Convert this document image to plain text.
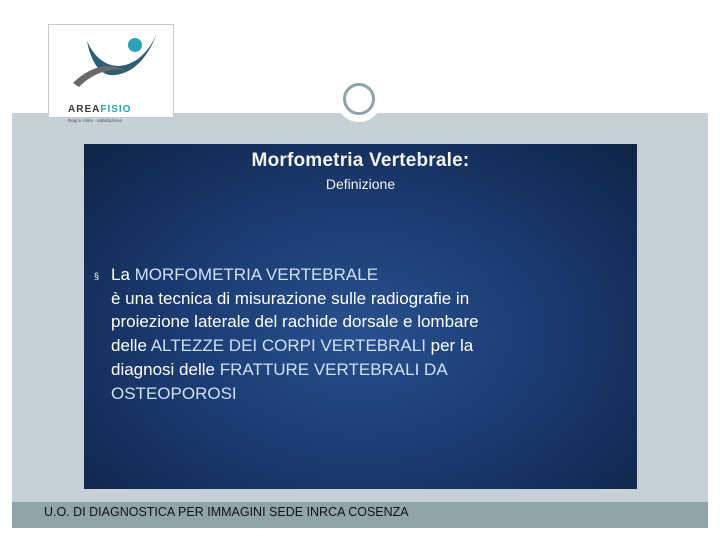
AREAFISIO
Regno Unito · riabilitazione
Morfometria Vertebrale:
Definizione
§ La MORFOMETRIA VERTEBRALE
è una tecnica di misurazione sulle radiografie in
proiezione laterale del rachide dorsale e lombare
delle ALTEZZE DEI CORPI VERTEBRALI per la
diagnosi delle FRATTURE VERTEBRALI DA
OSTEOPOROSI
U.O. DI DIAGNOSTICA PER IMMAGINI SEDE INRCA COSENZA
